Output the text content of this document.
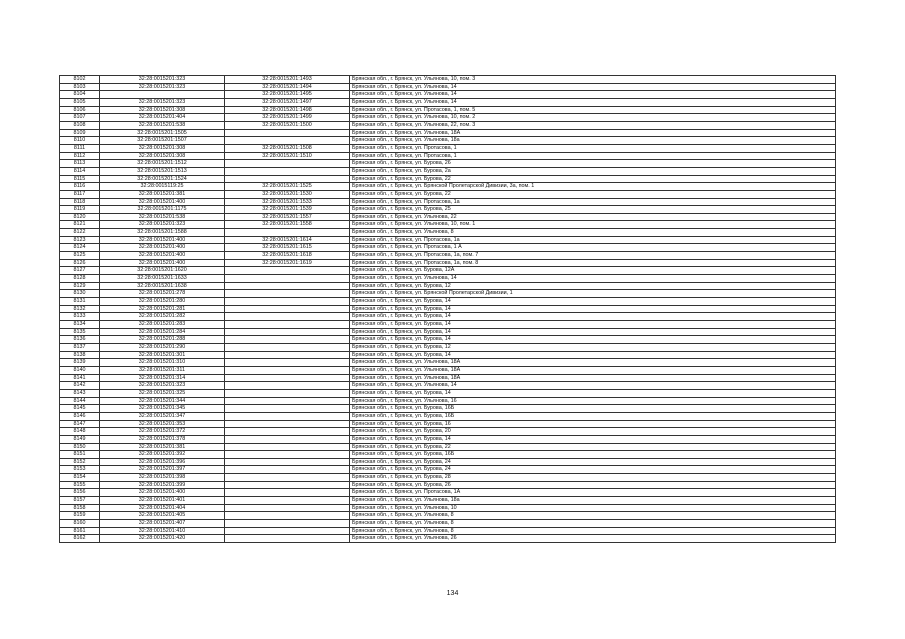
8102	32:28:0015201:323	32:28:0015201:1493	Брянская обл., г. Брянск, ул. Ульянова, 10, пом. 3
8103	32:28:0015201:323	32:28:0015201:1494	Брянская обл., г. Брянск, ул. Ульянова, 14
8104		32:28:0015201:1495	Брянская обл., г. Брянск, ул. Ульянова, 14
8105	32:28:0015201:323	32:28:0015201:1497	Брянская обл., г. Брянск, ул. Ульянова, 14
8106	32:28:0015201:308	32:28:0015201:1498	Брянская обл., г. Брянск, ул. Протасова, 1, пом. 5
8107	32:28:0015201:404	32:28:0015201:1499	Брянская обл., г. Брянск, ул. Ульянова, 10, пом. 2
8108	32:28:0015201:538	32:28:0015201:1500	Брянская обл., г. Брянск, ул. Ульянова, 22, пом. 3
8109	32:28:0015201:1505		Брянская обл., г. Брянск, ул. Ульянова, 18А
8110	32:28:0015201:1507		Брянская обл., г. Брянск, ул. Ульянова, 18а
8111	32:28:0015201:308	32:28:0015201:1508	Брянская обл., г. Брянск, ул. Протасова, 1
8112	32:28:0015201:308	32:28:0015201:1510	Брянская обл., г. Брянск, ул. Протасова, 1
8113	32:28:0015201:1512		Брянская обл., г. Брянск, ул. Бурова, 26
8114	32:28:0015201:1513		Брянская обл., г. Брянск, ул. Бурова, 2а
8115	32:28:0015201:1524		Брянская обл., г. Брянск, ул. Бурова, 22
8116	32:28:0015119:25	32:28:0015201:1525	Брянская обл., г. Брянск, ул. Брянской Пролетарской Дивизии, 3а, пом. 1
8117	32:28:0015201:381	32:28:0015201:1530	Брянская обл., г. Брянск, ул. Бурова, 22
8118	32:28:0015201:400	32:28:0015201:1533	Брянская обл., г. Брянск, ул. Протасова, 1а
8119	32:28:0015201:1175	32:28:0015201:1539	Брянская обл., г. Брянск, ул. Бурова, 25
8120	32:28:0015201:538	32:28:0015201:1557	Брянская обл., г. Брянск, ул. Ульянова, 22
8121	32:28:0015201:323	32:28:0015201:1558	Брянская обл., г. Брянск, ул. Ульянова, 10, пом. 1
8122	32:28:0015201:1588		Брянская обл., г. Брянск, ул. Ульянова, 8
8123	32:28:0015201:400	32:28:0015201:1614	Брянская обл., г. Брянск, ул. Протасова, 1а
8124	32:28:0015201:400	32:28:0015201:1615	Брянская обл., г. Брянск, ул. Протасова, 1 А
8125	32:28:0015201:400	32:28:0015201:1618	Брянская обл., г. Брянск, ул. Протасова, 1а, пом. 7
8126	32:28:0015201:400	32:28:0015201:1619	Брянская обл., г. Брянск, ул. Протасова, 1а, пом. 8
8127	32:28:0015201:1620		Брянская обл., г. Брянск, ул. Бурова, 12А
8128	32:28:0015201:1633		Брянская обл., г. Брянск, ул. Ульянова, 14
8129	32:28:0015201:1638		Брянская обл., г. Брянск, ул. Бурова, 12
8130	32:28:0015201:278		Брянская обл., г. Брянск, ул. Брянской Пролетарской Дивизии, 1
8131	32:28:0015201:280		Брянская обл., г. Брянск, ул. Бурова, 14
8132	32:28:0015201:281		Брянская обл., г. Брянск, ул. Бурова, 14
8133	32:28:0015201:282		Брянская обл., г. Брянск, ул. Бурова, 14
8134	32:28:0015201:283		Брянская обл., г. Брянск, ул. Бурова, 14
8135	32:28:0015201:284		Брянская обл., г. Брянск, ул. Бурова, 14
8136	32:28:0015201:288		Брянская обл., г. Брянск, ул. Бурова, 14
8137	32:28:0015201:290		Брянская обл., г. Брянск, ул. Бурова, 12
8138	32:28:0015201:301		Брянская обл., г. Брянск, ул. Бурова, 14
8139	32:28:0015201:310		Брянская обл., г. Брянск, ул. Ульянова, 18А
8140	32:28:0015201:311		Брянская обл., г. Брянск, ул. Ульянова, 18А
8141	32:28:0015201:314		Брянская обл., г. Брянск, ул. Ульянова, 18А
8142	32:28:0015201:323		Брянская обл., г. Брянск, ул. Ульянова, 14
8143	32:28:0015201:325		Брянская обл., г. Брянск, ул. Бурова, 14
8144	32:28:0015201:344		Брянская обл., г. Брянск, ул. Ульянова, 16
8145	32:28:0015201:345		Брянская обл., г. Брянск, ул. Бурова, 16Б
8146	32:28:0015201:347		Брянская обл., г. Брянск, ул. Бурова, 16Б
8147	32:28:0015201:353		Брянская обл., г. Брянск, ул. Бурова, 16
8148	32:28:0015201:372		Брянская обл., г. Брянск, ул. Бурова, 20
8149	32:28:0015201:378		Брянская обл., г. Брянск, ул. Бурова, 14
8150	32:28:0015201:381		Брянская обл., г. Брянск, ул. Бурова, 22
8151	32:28:0015201:392		Брянская обл., г. Брянск, ул. Бурова, 16Б
8152	32:28:0015201:396		Брянская обл., г. Брянск, ул. Бурова, 24
8153	32:28:0015201:397		Брянская обл., г. Брянск, ул. Бурова, 24
8154	32:28:0015201:398		Брянская обл., г. Брянск, ул. Бурова, 28
8155	32:28:0015201:399		Брянская обл., г. Брянск, ул. Бурова, 26
8156	32:28:0015201:400		Брянская обл., г. Брянск, ул. Протасова, 1А
8157	32:28:0015201:401		Брянская обл., г. Брянск, ул. Ульянова, 18а
8158	32:28:0015201:404		Брянская обл., г. Брянск, ул. Ульянова, 10
8159	32:28:0015201:405		Брянская обл., г. Брянск, ул. Ульянова, 8
8160	32:28:0015201:407		Брянская обл., г. Брянск, ул. Ульянова, 8
8161	32:28:0015201:410		Брянская обл., г. Брянск, ул. Ульянова, 8
8162	32:28:0015201:420		Брянская обл., г. Брянск, ул. Ульянова, 26
134
